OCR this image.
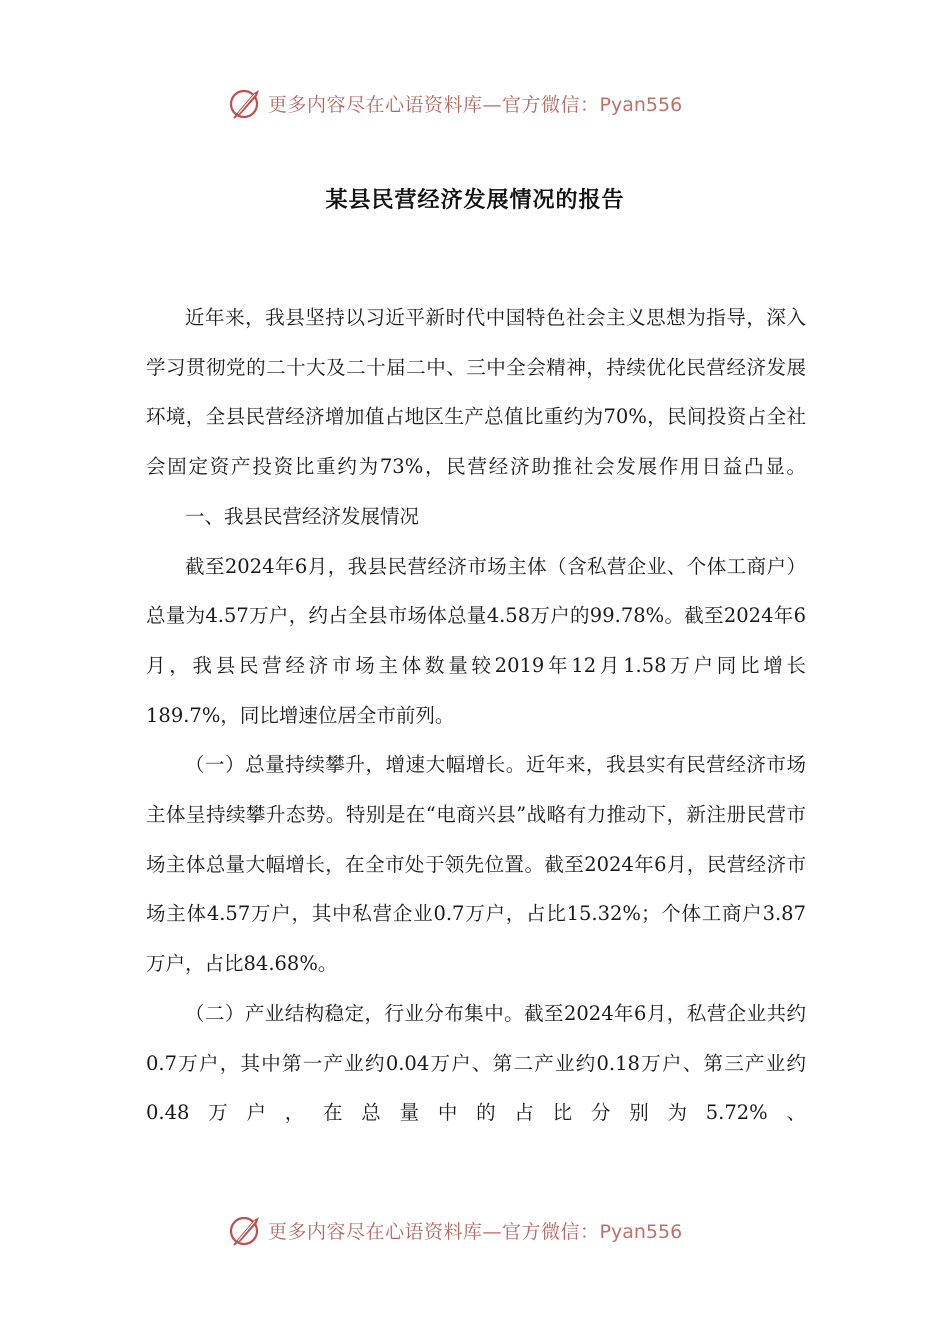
更多内容尽在心语资料库—官方微信：Pyan556
某县民营经济发展情况的报告

近年来，我县坚持以习近平新时代中国特色社会主义思想为指导，深入学习贯彻党的二十大及二十届二中、三中全会精神，持续优化民营经济发展环境，全县民营经济增加值占地区生产总值比重约为70%，民间投资占全社会固定资产投资比重约为73%，民营经济助推社会发展作用日益凸显。

一、我县民营经济发展情况

截至2024年6月，我县民营经济市场主体（含私营企业、个体工商户）总量为4.57万户，约占全县市场体总量4.58万户的99.78%。截至2024年6月，我县民营经济市场主体数量较2019年12月1.58万户同比增长189.7%，同比增速位居全市前列。

（一）总量持续攀升，增速大幅增长。近年来，我县实有民营经济市场主体呈持续攀升态势。特别是在“电商兴县”战略有力推动下，新注册民营市场主体总量大幅增长，在全市处于领先位置。截至2024年6月，民营经济市场主体4.57万户，其中私营企业0.7万户，占比15.32%；个体工商户3.87万户，占比84.68%。

（二）产业结构稳定，行业分布集中。截至2024年6月，私营企业共约0.7万户，其中第一产业约0.04万户、第二产业约0.18万户、第三产业约0.48万户，在总量中的占比分别为5.72%、

更多内容尽在心语资料库—官方微信：Pyan556
